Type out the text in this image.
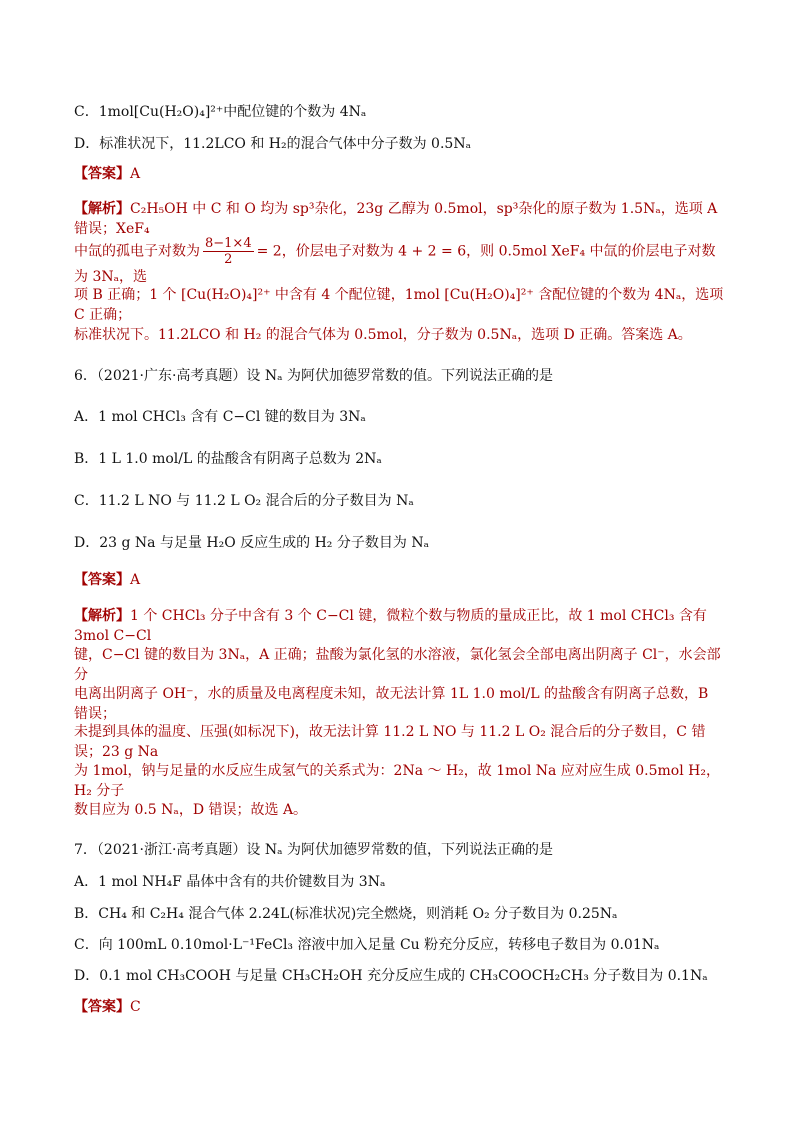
C．1mol[Cu(H₂O)₄]²⁺中配位键的个数为 4Nₐ
D．标准状况下，11.2LCO 和 H₂的混合气体中分子数为 0.5Nₐ
【答案】A
【解析】C₂H₅OH 中 C 和 O 均为 sp³杂化，23g 乙醇为 0.5mol，sp³杂化的原子数为 1.5Nₐ，选项 A 错误；XeF₄
中氙的孤电子对数为 $\frac{8-1\times 4}{2} = 2$，价层电子对数为 4 + 2 = 6，则 0.5mol XeF₄ 中氙的价层电子对数为 3Nₐ，选
项 B 正确；1 个 [Cu(H₂O)₄]²⁺ 中含有 4 个配位键，1mol [Cu(H₂O)₄]²⁺ 含配位键的个数为 4Nₐ，选项 C 正确；
标准状况下。11.2LCO 和 H₂ 的混合气体为 0.5mol，分子数为 0.5Nₐ，选项 D 正确。答案选 A。
6．（2021·广东·高考真题）设 Nₐ 为阿伏加德罗常数的值。下列说法正确的是
A．1 mol CHCl₃ 含有 C−Cl 键的数目为 3Nₐ
B．1 L 1.0 mol/L 的盐酸含有阴离子总数为 2Nₐ
C．11.2 L NO 与 11.2 L O₂ 混合后的分子数目为 Nₐ
D．23 g Na 与足量 H₂O 反应生成的 H₂ 分子数目为 Nₐ
【答案】A
【解析】1 个 CHCl₃ 分子中含有 3 个 C−Cl 键，微粒个数与物质的量成正比，故 1 mol CHCl₃ 含有 3mol C−Cl
键，C−Cl 键的数目为 3Nₐ，A 正确；盐酸为氯化氢的水溶液，氯化氢会全部电离出阴离子 Cl⁻，水会部分
电离出阴离子 OH⁻，水的质量及电离程度未知，故无法计算 1L 1.0 mol/L 的盐酸含有阴离子总数，B 错误；
未提到具体的温度、压强(如标况下)，故无法计算 11.2 L NO 与 11.2 L O₂ 混合后的分子数目，C 错误；23 g Na
为 1mol，钠与足量的水反应生成氢气的关系式为：2Na ～ H₂，故 1mol Na 应对应生成 0.5mol H₂，H₂ 分子
数目应为 0.5 Nₐ，D 错误；故选 A。
7．（2021·浙江·高考真题）设 Nₐ 为阿伏加德罗常数的值，下列说法正确的是
A．1 mol NH₄F 晶体中含有的共价键数目为 3Nₐ
B．CH₄ 和 C₂H₄ 混合气体 2.24L(标准状况)完全燃烧，则消耗 O₂ 分子数目为 0.25Nₐ
C．向 100mL 0.10mol·L⁻¹FeCl₃ 溶液中加入足量 Cu 粉充分反应，转移电子数目为 0.01Nₐ
D．0.1 mol CH₃COOH 与足量 CH₃CH₂OH 充分反应生成的 CH₃COOCH₂CH₃ 分子数目为 0.1Nₐ
【答案】C
